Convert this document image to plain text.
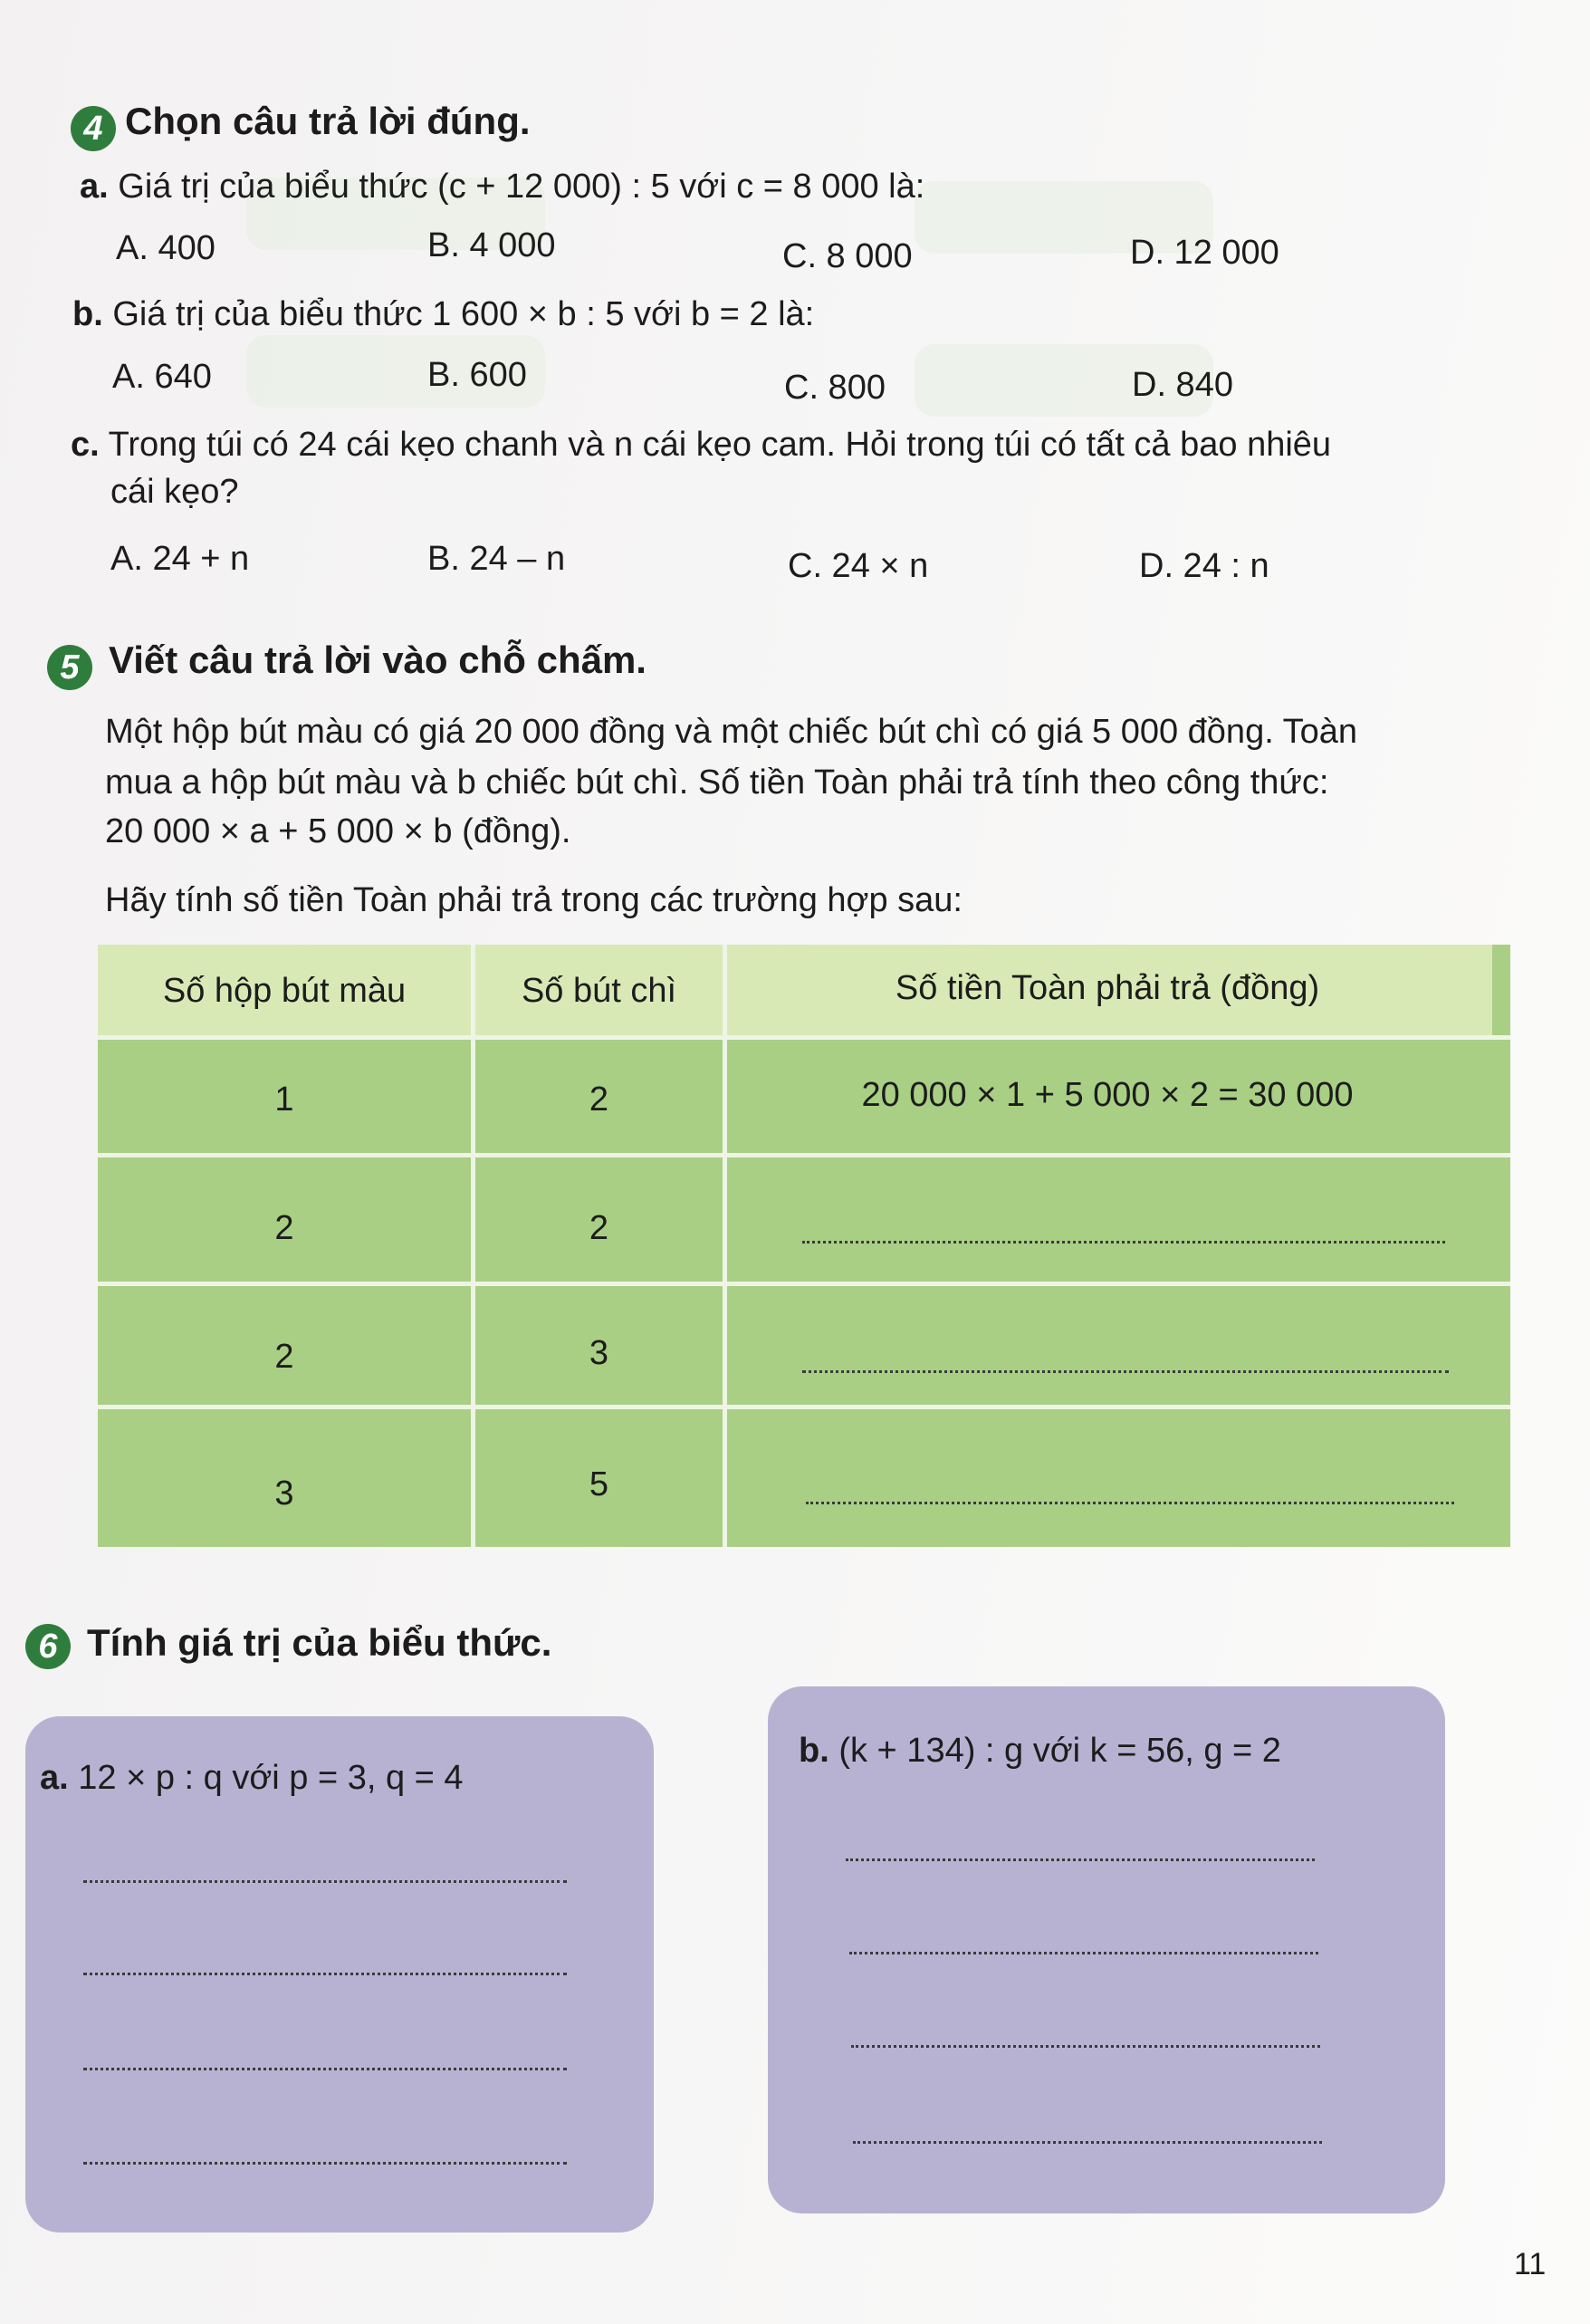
4 Chọn câu trả lời đúng.
a. Giá trị của biểu thức (c + 12 000) : 5 với c = 8 000 là:
A. 400	B. 4 000	C. 8 000	D. 12 000
b. Giá trị của biểu thức 1 600 × b : 5 với b = 2 là:
A. 640	B. 600	C. 800	D. 840
c. Trong túi có 24 cái kẹo chanh và n cái kẹo cam. Hỏi trong túi có tất cả bao nhiêu
cái kẹo?
A. 24 + n	B. 24 – n	C. 24 × n	D. 24 : n
5 Viết câu trả lời vào chỗ chấm.
Một hộp bút màu có giá 20 000 đồng và một chiếc bút chì có giá 5 000 đồng. Toàn
mua a hộp bút màu và b chiếc bút chì. Số tiền Toàn phải trả tính theo công thức:
20 000 × a + 5 000 × b (đồng).
Hãy tính số tiền Toàn phải trả trong các trường hợp sau:
Số hộp bút màu	Số bút chì	Số tiền Toàn phải trả (đồng)
1	2	20 000 × 1 + 5 000 × 2 = 30 000
2	2
2	3
3	5
6 Tính giá trị của biểu thức.
a. 12 × p : q với p = 3, q = 4
b. (k + 134) : g với k = 56, g = 2
11
